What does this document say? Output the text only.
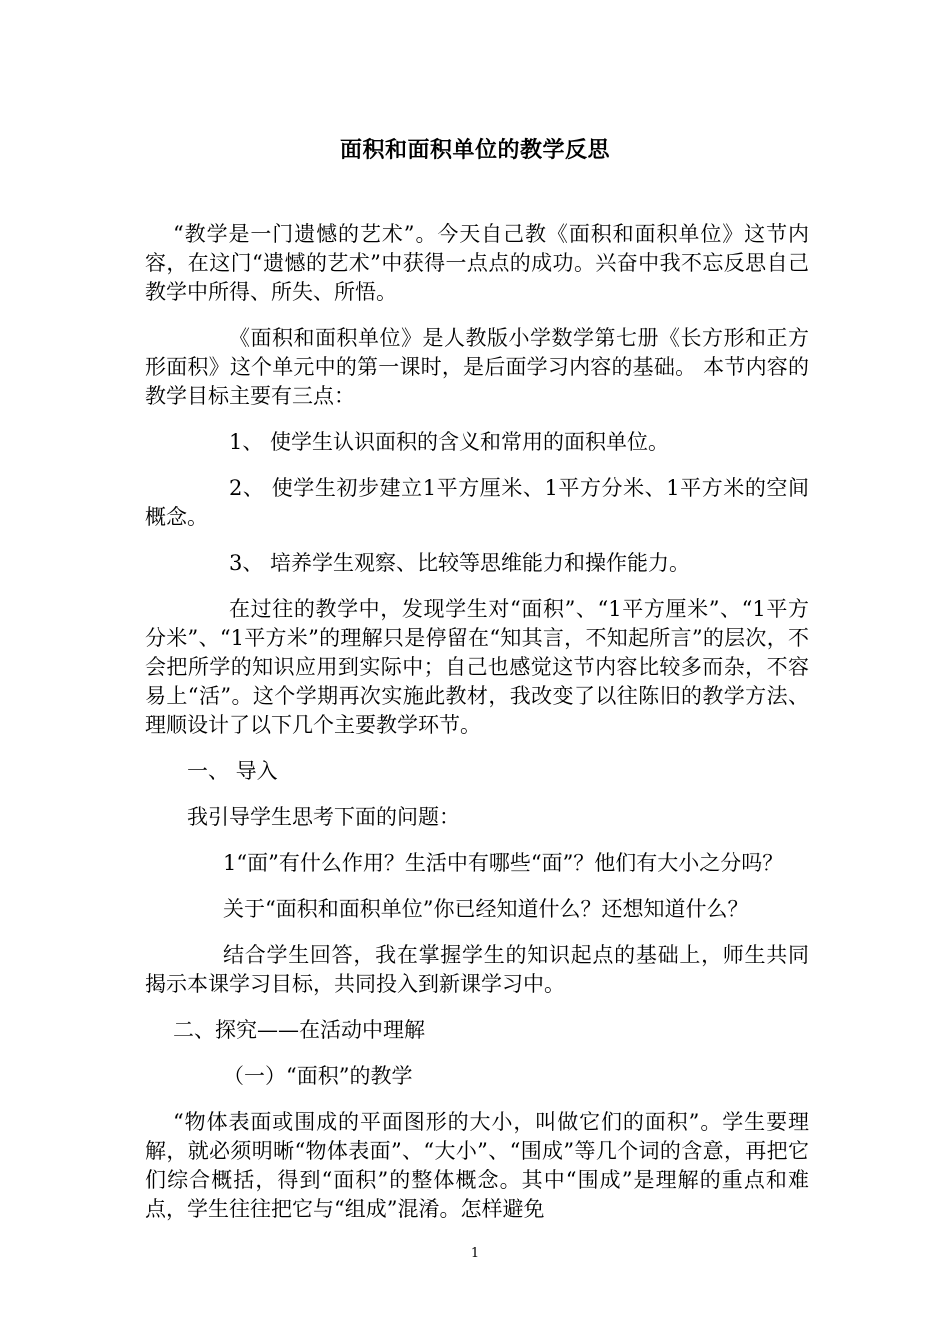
面积和面积单位的教学反思

“教学是一门遗憾的艺术”。今天自己教《面积和面积单位》这节内容，在这门“遗憾的艺术”中获得一点点的成功。兴奋中我不忘反思自己教学中所得、所失、所悟。

《面积和面积单位》是人教版小学数学第七册《长方形和正方形面积》这个单元中的第一课时，是后面学习内容的基础。 本节内容的教学目标主要有三点：

1、 使学生认识面积的含义和常用的面积单位。

2、 使学生初步建立1平方厘米、1平方分米、1平方米的空间概念。

3、 培养学生观察、比较等思维能力和操作能力。

在过往的教学中，发现学生对“面积”、“1平方厘米”、“1平方分米”、“1平方米”的理解只是停留在“知其言，不知起所言”的层次，不会把所学的知识应用到实际中；自己也感觉这节内容比较多而杂，不容易上“活”。这个学期再次实施此教材，我改变了以往陈旧的教学方法、理顺设计了以下几个主要教学环节。

一、 导入

我引导学生思考下面的问题：

1“面”有什么作用？生活中有哪些“面”？他们有大小之分吗？

关于“面积和面积单位”你已经知道什么？还想知道什么？

结合学生回答，我在掌握学生的知识起点的基础上，师生共同揭示本课学习目标，共同投入到新课学习中。

二、探究——在活动中理解

（一）“面积”的教学

“物体表面或围成的平面图形的大小，叫做它们的面积”。学生要理解，就必须明晰“物体表面”、“大小”、“围成”等几个词的含意，再把它们综合概括，得到“面积”的整体概念。其中“围成”是理解的重点和难点，学生往往把它与“组成”混淆。怎样避免

1
